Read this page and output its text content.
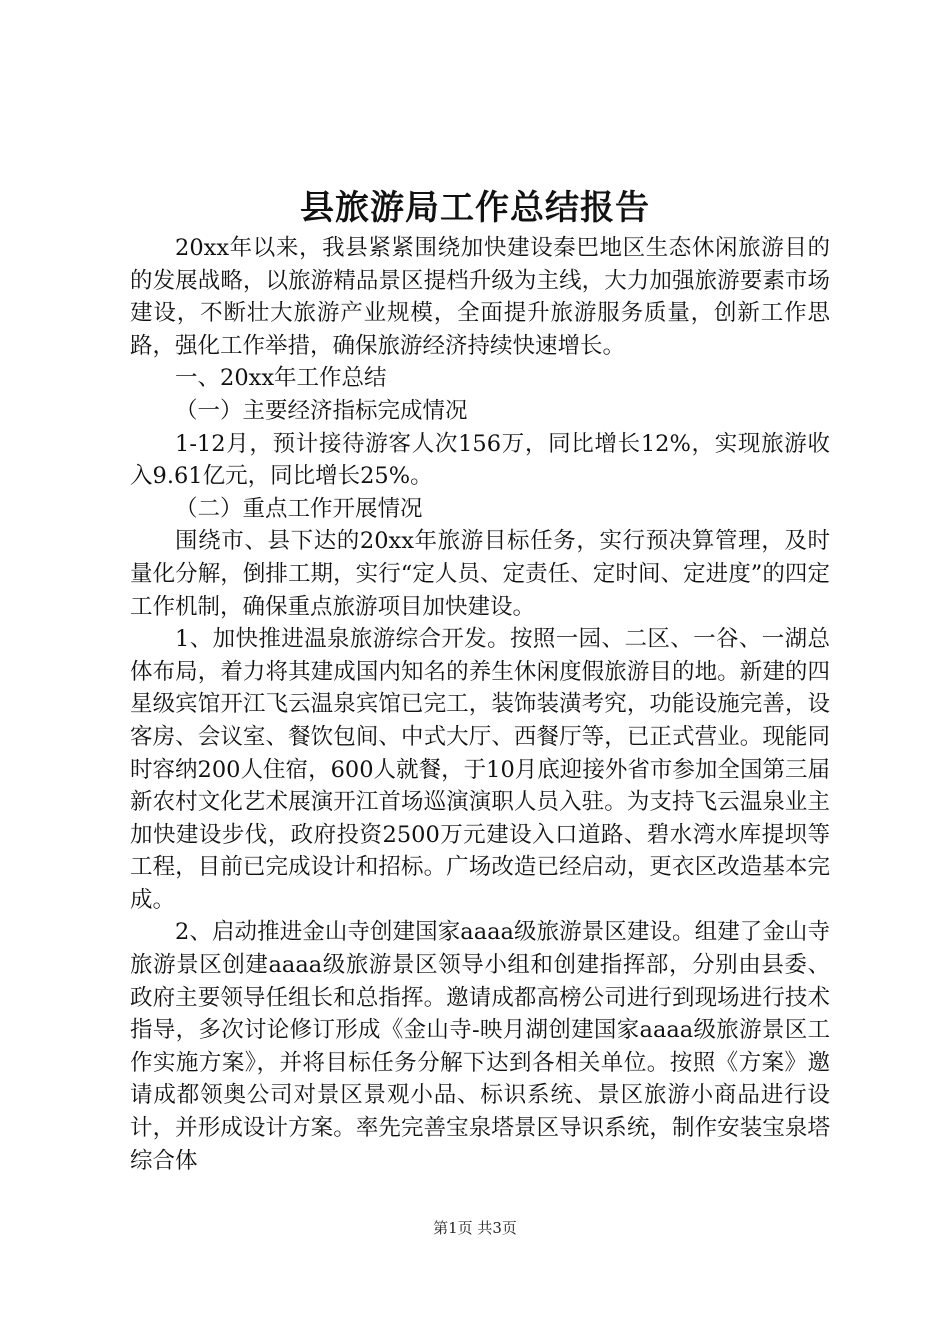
县旅游局工作总结报告

20xx年以来，我县紧紧围绕加快建设秦巴地区生态休闲旅游目的的发展战略，以旅游精品景区提档升级为主线，大力加强旅游要素市场建设，不断壮大旅游产业规模，全面提升旅游服务质量，创新工作思路，强化工作举措，确保旅游经济持续快速增长。

一、20xx年工作总结

（一）主要经济指标完成情况

1-12月，预计接待游客人次156万，同比增长12%，实现旅游收入9.61亿元，同比增长25%。

（二）重点工作开展情况

围绕市、县下达的20xx年旅游目标任务，实行预决算管理，及时量化分解，倒排工期，实行“定人员、定责任、定时间、定进度”的四定工作机制，确保重点旅游项目加快建设。

1、加快推进温泉旅游综合开发。按照一园、二区、一谷、一湖总体布局，着力将其建成国内知名的养生休闲度假旅游目的地。新建的四星级宾馆开江飞云温泉宾馆已完工，装饰装潢考究，功能设施完善，设客房、会议室、餐饮包间、中式大厅、西餐厅等，已正式营业。现能同时容纳200人住宿，600人就餐，于10月底迎接外省市参加全国第三届新农村文化艺术展演开江首场巡演演职人员入驻。为支持飞云温泉业主加快建设步伐，政府投资2500万元建设入口道路、碧水湾水库提坝等工程，目前已完成设计和招标。广场改造已经启动，更衣区改造基本完成。

2、启动推进金山寺创建国家aaaa级旅游景区建设。组建了金山寺旅游景区创建aaaa级旅游景区领导小组和创建指挥部，分别由县委、政府主要领导任组长和总指挥。邀请成都高榜公司进行到现场进行技术指导，多次讨论修订形成《金山寺-映月湖创建国家aaaa级旅游景区工作实施方案》，并将目标任务分解下达到各相关单位。按照《方案》邀请成都领奥公司对景区景观小品、标识系统、景区旅游小商品进行设计，并形成设计方案。率先完善宝泉塔景区导识系统，制作安装宝泉塔综合体

第1页 共3页
